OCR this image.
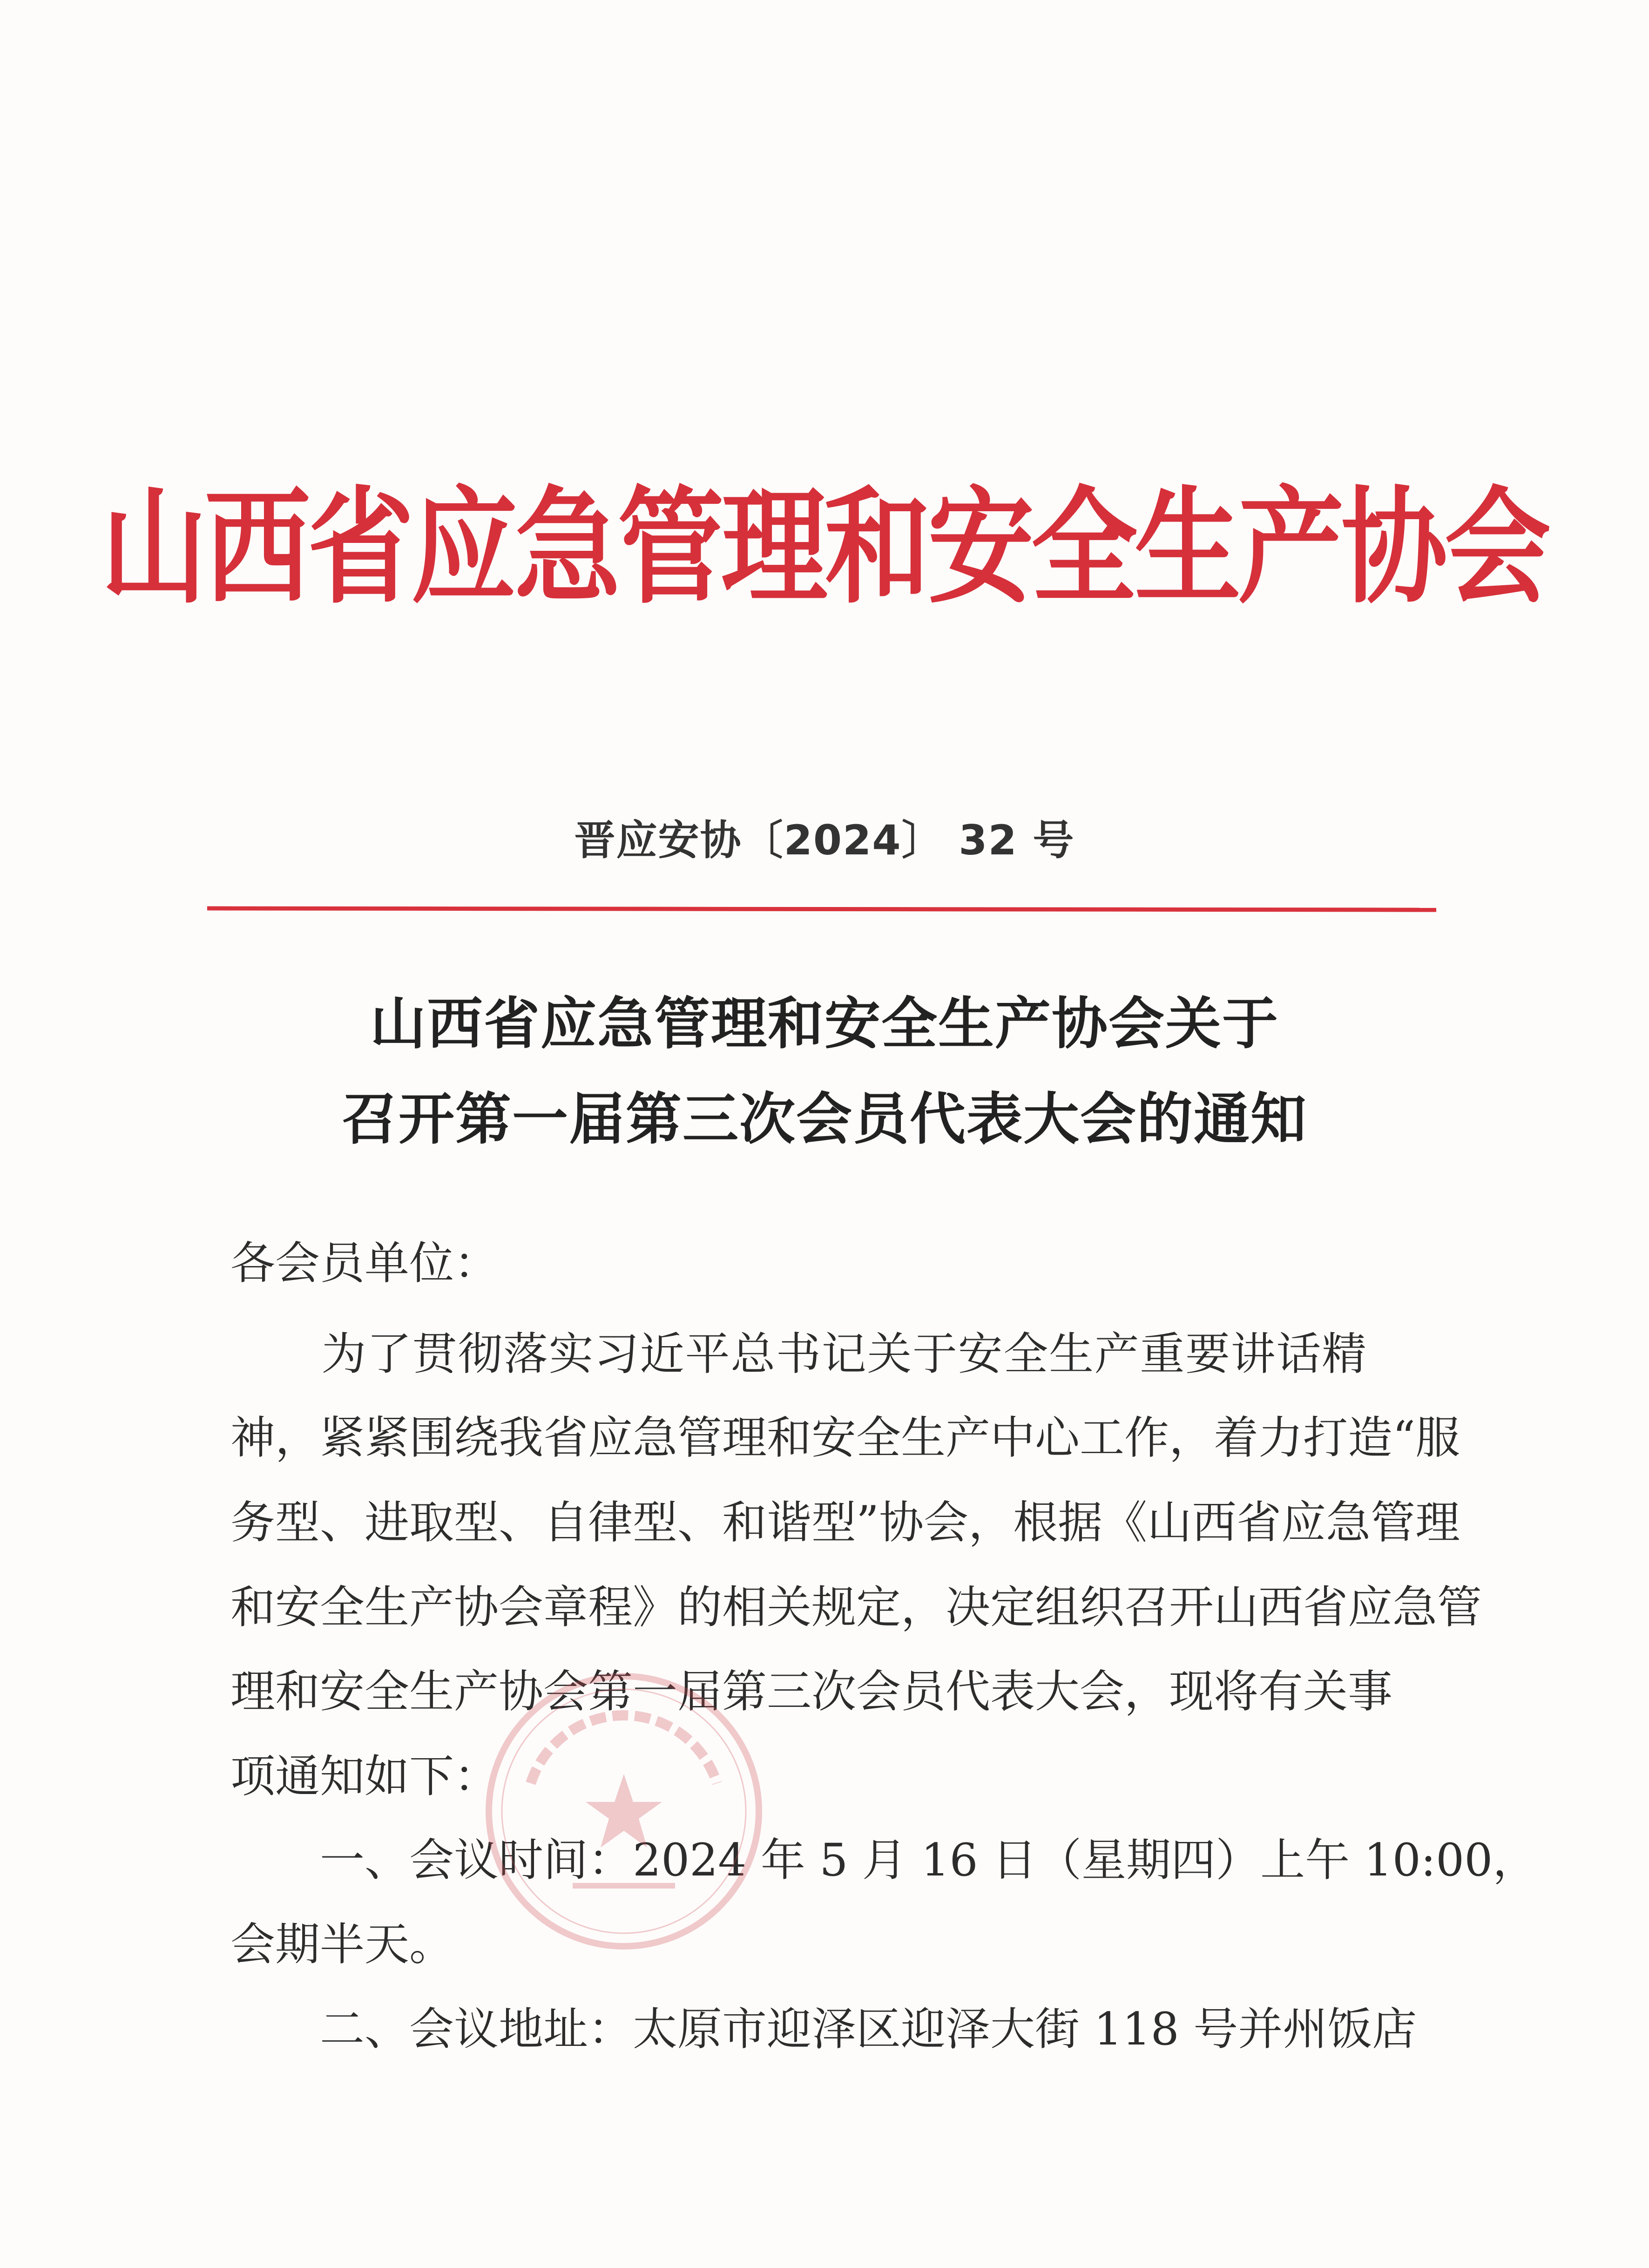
山西省应急管理和安全生产协会
晋应安协〔2024〕 32 号
山西省应急管理和安全生产协会关于
召开第一届第三次会员代表大会的通知
各会员单位：
　　为了贯彻落实习近平总书记关于安全生产重要讲话精
神，紧紧围绕我省应急管理和安全生产中心工作，着力打造“服
务型、进取型、自律型、和谐型”协会，根据《山西省应急管理
和安全生产协会章程》的相关规定，决定组织召开山西省应急管
理和安全生产协会第一届第三次会员代表大会，现将有关事
项通知如下：
　　一、会议时间：2024 年 5 月 16 日（星期四）上午 10:00，
会期半天。
　　二、会议地址：太原市迎泽区迎泽大街 118 号并州饭店
